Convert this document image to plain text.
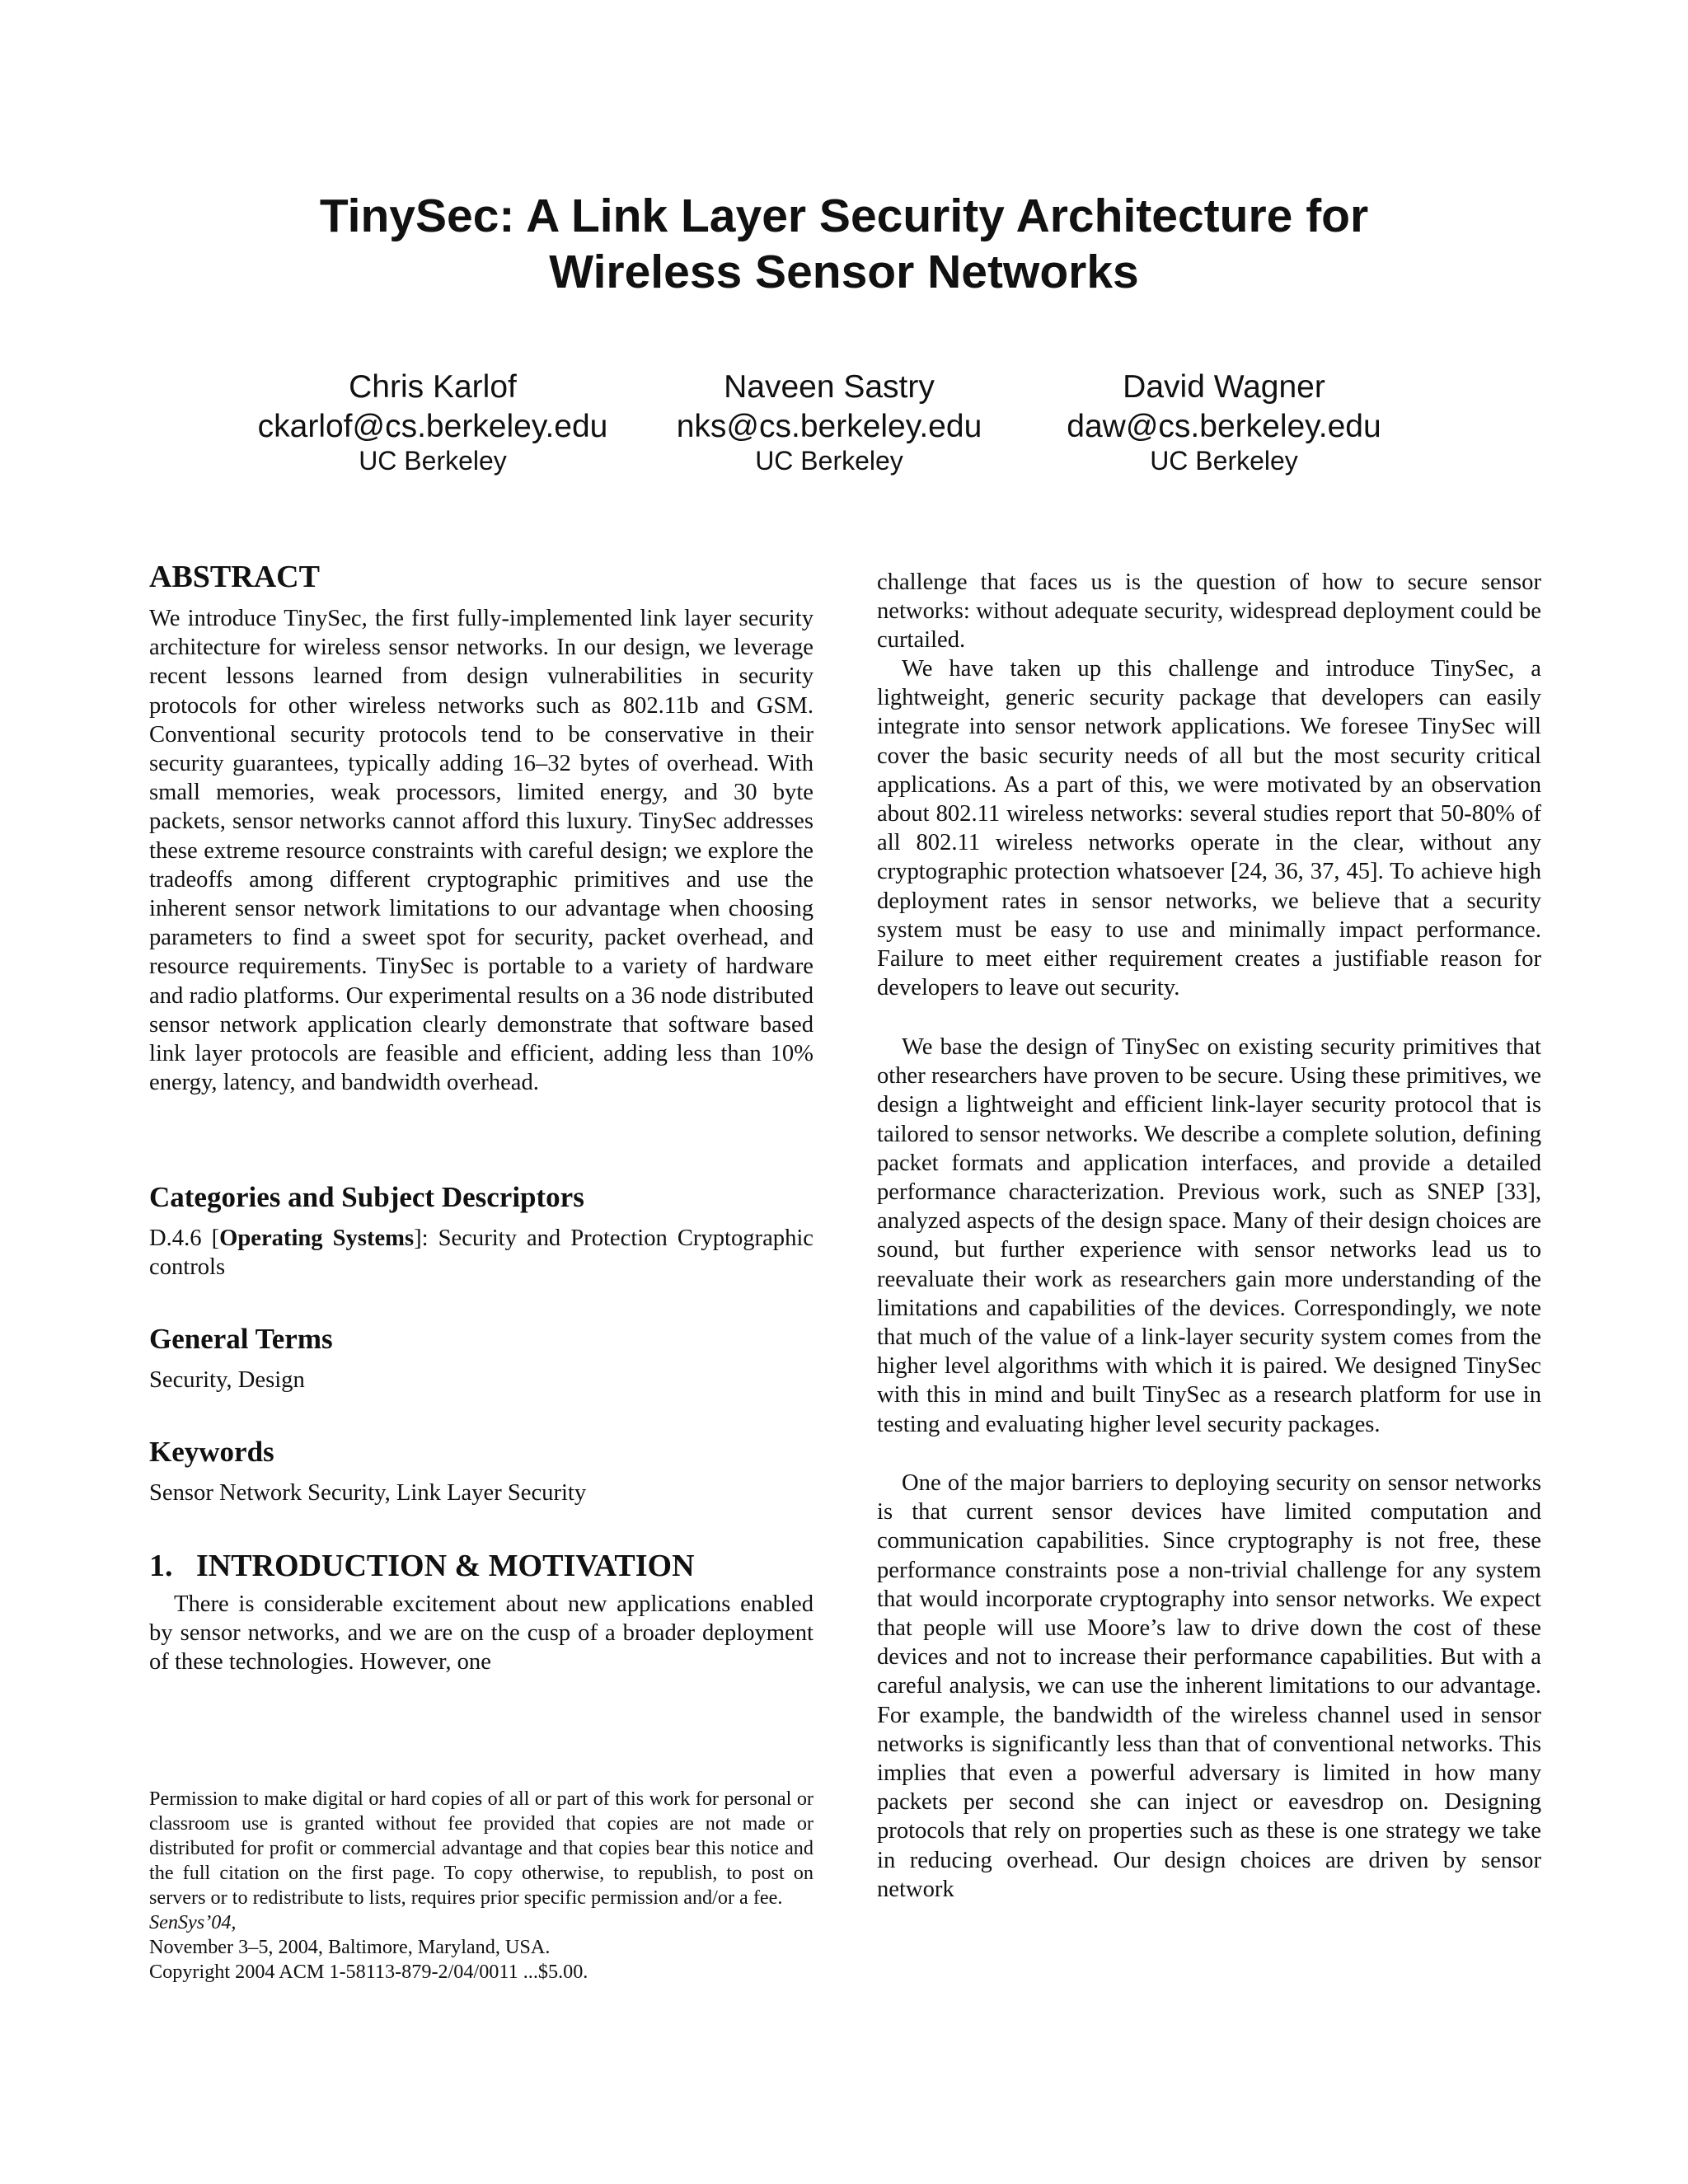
TinySec: A Link Layer Security Architecture for
Wireless Sensor Networks
Chris Karlof
ckarlof@cs.berkeley.edu
UC Berkeley
Naveen Sastry
nks@cs.berkeley.edu
UC Berkeley
David Wagner
daw@cs.berkeley.edu
UC Berkeley
ABSTRACT

We introduce TinySec, the first fully-implemented link layer security architecture for wireless sensor networks. In our design, we leverage recent lessons learned from design vulnerabilities in security protocols for other wireless networks such as 802.11b and GSM. Conventional security protocols tend to be conservative in their security guarantees, typically adding 16–32 bytes of overhead. With small memories, weak processors, limited energy, and 30 byte packets, sensor networks cannot afford this luxury. TinySec addresses these extreme resource constraints with careful design; we explore the tradeoffs among different cryptographic primitives and use the inherent sensor network limitations to our advantage when choosing parameters to find a sweet spot for security, packet overhead, and resource requirements. TinySec is portable to a variety of hardware and radio platforms. Our experimental results on a 36 node distributed sensor network application clearly demonstrate that software based link layer protocols are feasible and efficient, adding less than 10% energy, latency, and bandwidth overhead.

Categories and Subject Descriptors

D.4.6 [Operating Systems]: Security and Protection Cryptographic controls

General Terms

Security, Design

Keywords

Sensor Network Security, Link Layer Security

1.   INTRODUCTION & MOTIVATION

There is considerable excitement about new applications enabled by sensor networks, and we are on the cusp of a broader deployment of these technologies. However, one

Permission to make digital or hard copies of all or part of this work for personal or classroom use is granted without fee provided that copies are not made or distributed for profit or commercial advantage and that copies bear this notice and the full citation on the first page. To copy otherwise, to republish, to post on servers or to redistribute to lists, requires prior specific permission and/or a fee.
SenSys’04,
November 3–5, 2004, Baltimore, Maryland, USA.
Copyright 2004 ACM 1-58113-879-2/04/0011 ...$5.00.

challenge that faces us is the question of how to secure sensor networks: without adequate security, widespread deployment could be curtailed.

We have taken up this challenge and introduce TinySec, a lightweight, generic security package that developers can easily integrate into sensor network applications. We foresee TinySec will cover the basic security needs of all but the most security critical applications. As a part of this, we were motivated by an observation about 802.11 wireless networks: several studies report that 50-80% of all 802.11 wireless networks operate in the clear, without any cryptographic protection whatsoever [24, 36, 37, 45]. To achieve high deployment rates in sensor networks, we believe that a security system must be easy to use and minimally impact performance. Failure to meet either requirement creates a justifiable reason for developers to leave out security.

We base the design of TinySec on existing security primitives that other researchers have proven to be secure. Using these primitives, we design a lightweight and efficient link-layer security protocol that is tailored to sensor networks. We describe a complete solution, defining packet formats and application interfaces, and provide a detailed performance characterization. Previous work, such as SNEP [33], analyzed aspects of the design space. Many of their design choices are sound, but further experience with sensor networks lead us to reevaluate their work as researchers gain more understanding of the limitations and capabilities of the devices. Correspondingly, we note that much of the value of a link-layer security system comes from the higher level algorithms with which it is paired. We designed TinySec with this in mind and built TinySec as a research platform for use in testing and evaluating higher level security packages.

One of the major barriers to deploying security on sensor networks is that current sensor devices have limited computation and communication capabilities. Since cryptography is not free, these performance constraints pose a non-trivial challenge for any system that would incorporate cryptography into sensor networks. We expect that people will use Moore’s law to drive down the cost of these devices and not to increase their performance capabilities. But with a careful analysis, we can use the inherent limitations to our advantage. For example, the bandwidth of the wireless channel used in sensor networks is significantly less than that of conventional networks. This implies that even a powerful adversary is limited in how many packets per second she can inject or eavesdrop on. Designing protocols that rely on properties such as these is one strategy we take in reducing overhead. Our design choices are driven by sensor network
